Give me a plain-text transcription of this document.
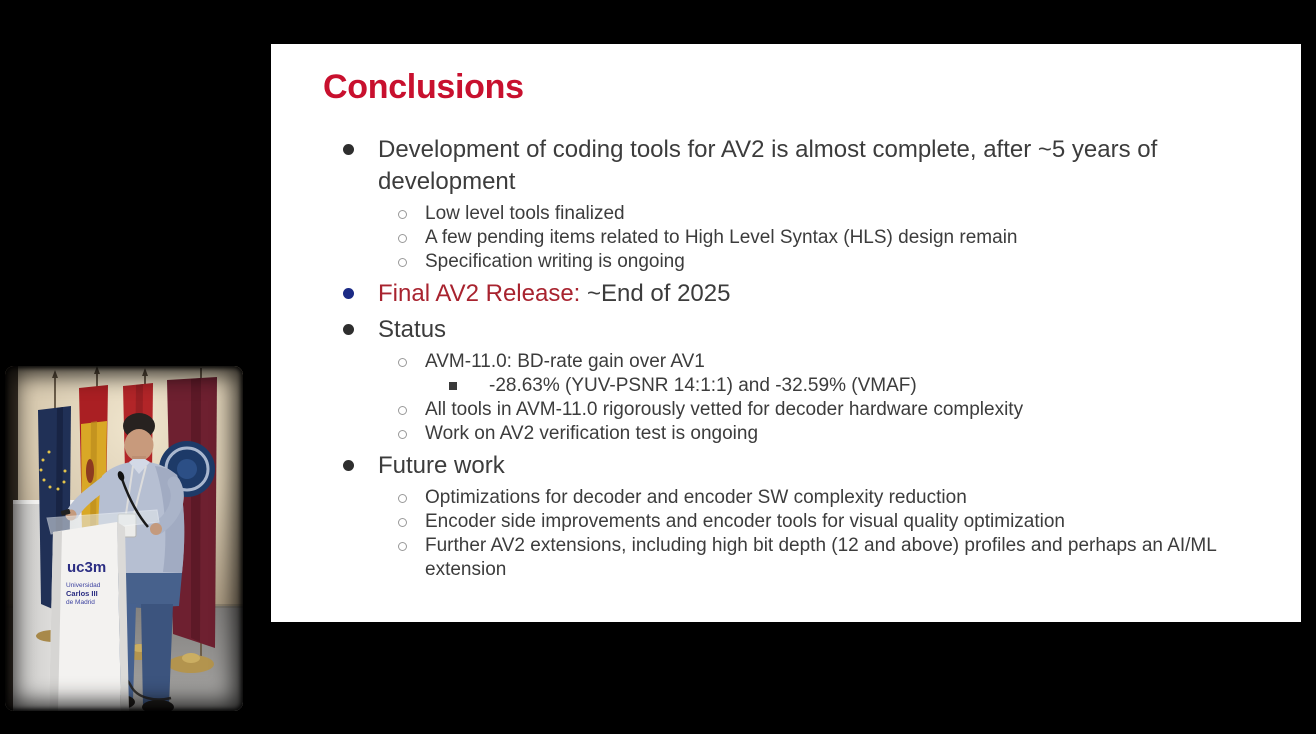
Conclusions
Development of coding tools for AV2 is almost complete, after ~5 years of development
Low level tools finalized
A few pending items related to High Level Syntax (HLS) design remain
Specification writing is ongoing
Final AV2 Release: ~End of 2025
Status
AVM-11.0: BD-rate gain over AV1
-28.63% (YUV-PSNR 14:1:1) and -32.59% (VMAF)
All tools in AVM-11.0 rigorously vetted for decoder hardware complexity
Work on AV2 verification test is ongoing
Future work
Optimizations for decoder and encoder SW complexity reduction
Encoder side improvements and encoder tools for visual quality optimization
Further AV2 extensions, including high bit depth (12 and above) profiles and perhaps an AI/ML extension
uc3m
Universidad
Carlos III
de Madrid
